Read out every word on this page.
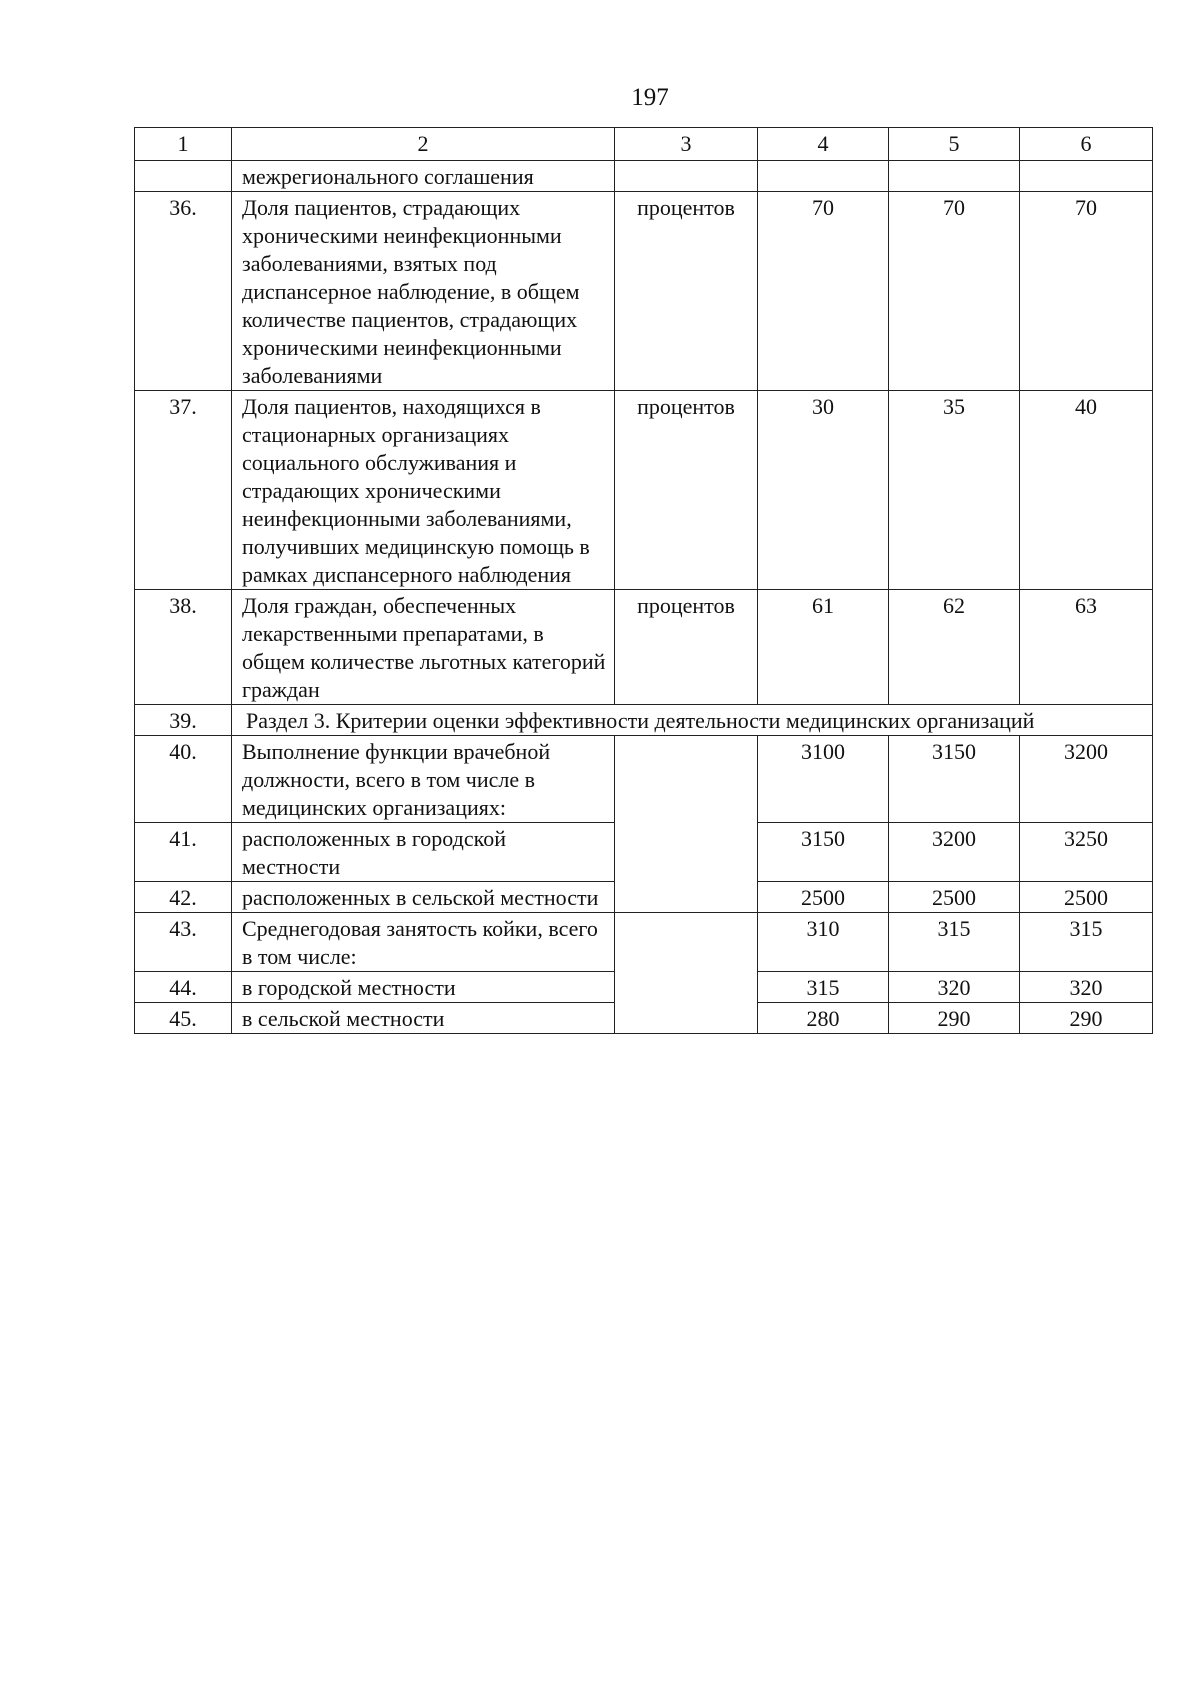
197
1	2	3	4	5	6
	межрегионального соглашения				
36.	Доля пациентов, страдающих хроническими неинфекционными заболеваниями, взятых под диспансерное наблюдение, в общем количестве пациентов, страдающих хроническими неинфекционными заболеваниями	процентов	70	70	70
37.	Доля пациентов, находящихся в стационарных организациях социального обслуживания и страдающих хроническими неинфекционными заболеваниями, получивших медицинскую помощь в рамках диспансерного наблюдения	процентов	30	35	40
38.	Доля граждан, обеспеченных лекарственными препаратами, в общем количестве льготных категорий граждан	процентов	61	62	63
39.	Раздел 3. Критерии оценки эффективности деятельности медицинских организаций				
40.	Выполнение функции врачебной должности, всего в том числе в медицинских организациях:		3100	3150	3200
41.	расположенных в городской местности		3150	3200	3250
42.	расположенных в сельской местности		2500	2500	2500
43.	Среднегодовая занятость койки, всего в том числе:		310	315	315
44.	в городской местности		315	320	320
45.	в сельской местности		280	290	290
